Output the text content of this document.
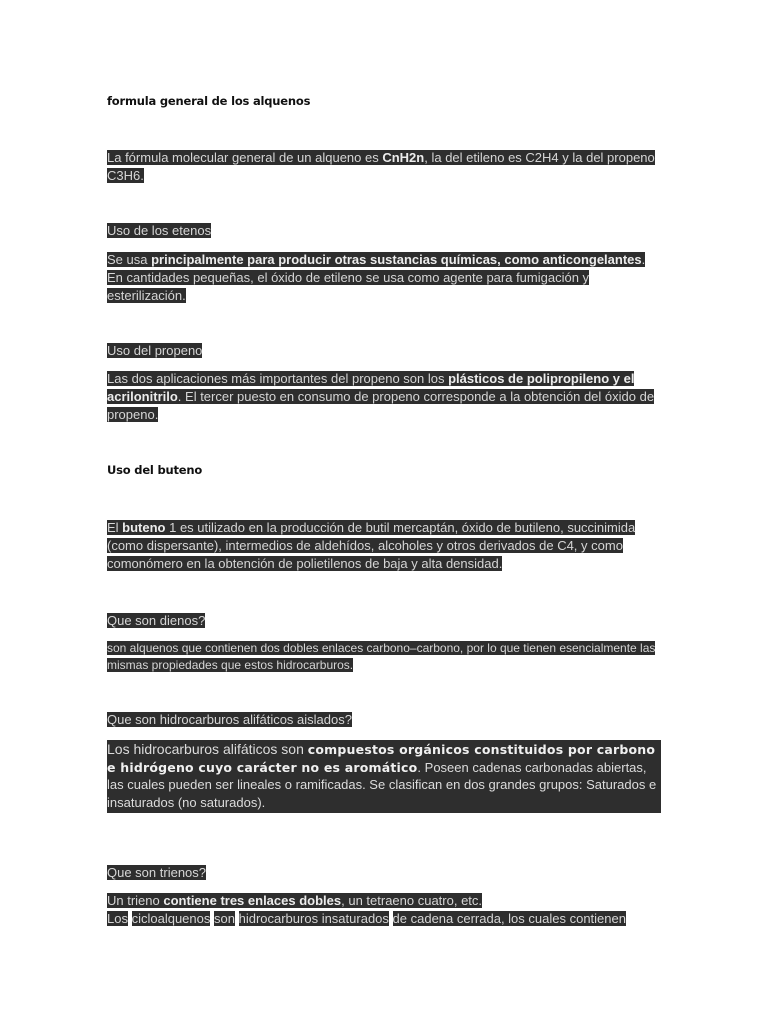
formula general de los alquenos
La fórmula molecular general de un alqueno es CnH2n, la del etileno es C2H4 y la del propeno C3H6.
Uso de los etenos
Se usa principalmente para producir otras sustancias químicas, como anticongelantes. En cantidades pequeñas, el óxido de etileno se usa como agente para fumigación y esterilización.
Uso del propeno
Las dos aplicaciones más importantes del propeno son los plásticos de polipropileno y el acrilonitrilo. El tercer puesto en consumo de propeno corresponde a la obtención del óxido de propeno.
Uso del buteno
El buteno 1 es utilizado en la producción de butil mercaptán, óxido de butileno, succinimida (como dispersante), intermedios de aldehídos, alcoholes y otros derivados de C4, y como comonómero en la obtención de polietilenos de baja y alta densidad.
Que son dienos?
son alquenos que contienen dos dobles enlaces carbono–carbono, por lo que tienen esencialmente las mismas propiedades que estos hidrocarburos.
Que son hidrocarburos alifáticos aislados?
Los hidrocarburos alifáticos son compuestos orgánicos constituidos por carbono e hidrógeno cuyo carácter no es aromático. Poseen cadenas carbonadas abiertas, las cuales pueden ser lineales o ramificadas. Se clasifican en dos grandes grupos: Saturados e insaturados (no saturados).
Que son trienos?
Un trieno contiene tres enlaces dobles, un tetraeno cuatro, etc.
Los cicloalquenos son hidrocarburos insaturados de cadena cerrada, los cuales contienen
